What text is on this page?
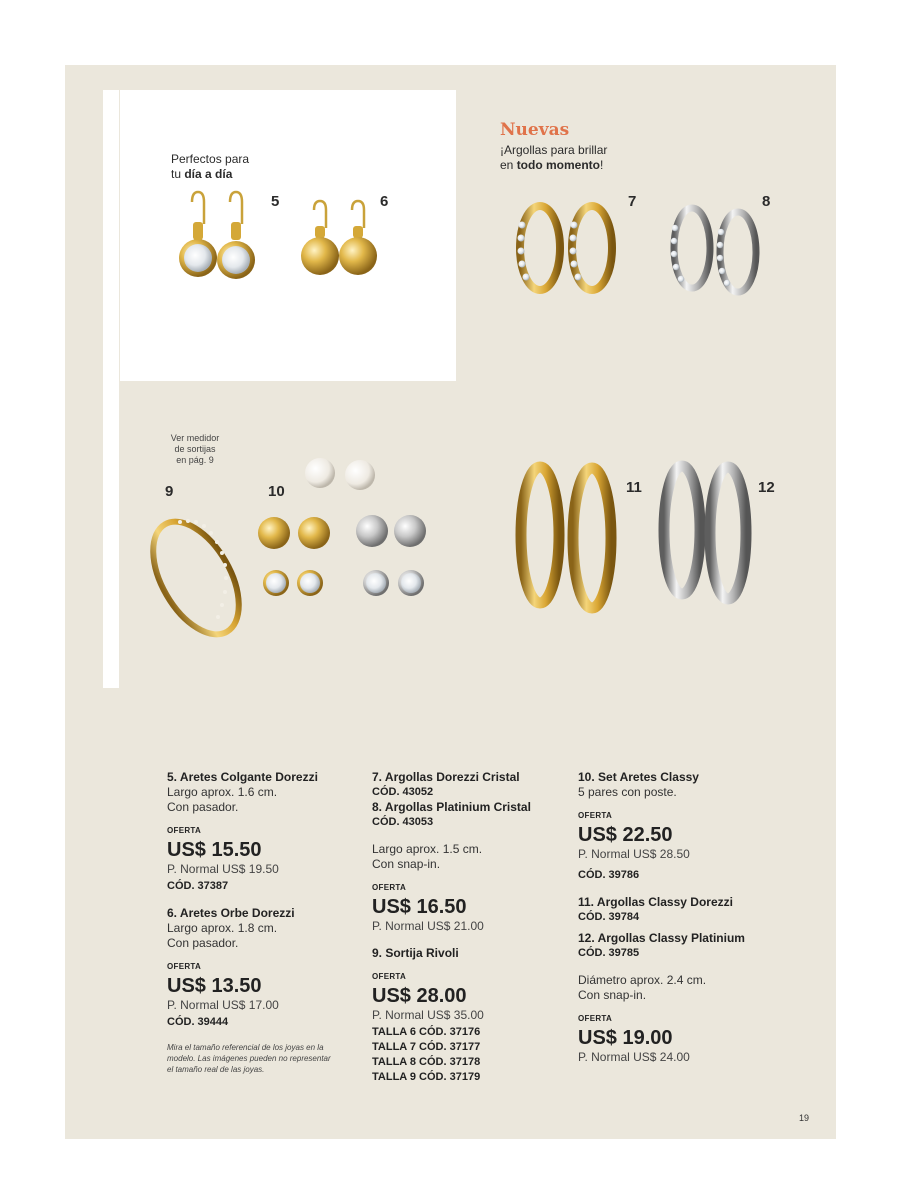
Perfectos para
tu día a día
5	6
Nuevas
¡Argollas para brillar
en todo momento!
7	8
Ver medidor
de sortijas
en pág. 9
9	10	11	12
5. Aretes Colgante Dorezzi
Largo aprox. 1.6 cm.
Con pasador.
OFERTA
US$ 15.50
P. Normal US$ 19.50
CÓD. 37387
6. Aretes Orbe Dorezzi
Largo aprox. 1.8 cm.
Con pasador.
OFERTA
US$ 13.50
P. Normal US$ 17.00
CÓD. 39444
Mira el tamaño referencial de los joyas en la modelo. Las imágenes pueden no representar el tamaño real de las joyas.
7. Argollas Dorezzi Cristal
CÓD. 43052
8. Argollas Platinium Cristal
CÓD. 43053
Largo aprox. 1.5 cm.
Con snap-in.
OFERTA
US$ 16.50
P. Normal US$ 21.00
9. Sortija Rivoli
OFERTA
US$ 28.00
P. Normal US$ 35.00
TALLA 6 CÓD. 37176
TALLA 7 CÓD. 37177
TALLA 8 CÓD. 37178
TALLA 9 CÓD. 37179
10. Set Aretes Classy
5 pares con poste.
OFERTA
US$ 22.50
P. Normal US$ 28.50
CÓD. 39786
11. Argollas Classy Dorezzi
CÓD. 39784
12. Argollas Classy Platinium
CÓD. 39785
Diámetro aprox. 2.4 cm.
Con snap-in.
OFERTA
US$ 19.00
P. Normal US$ 24.00
19
